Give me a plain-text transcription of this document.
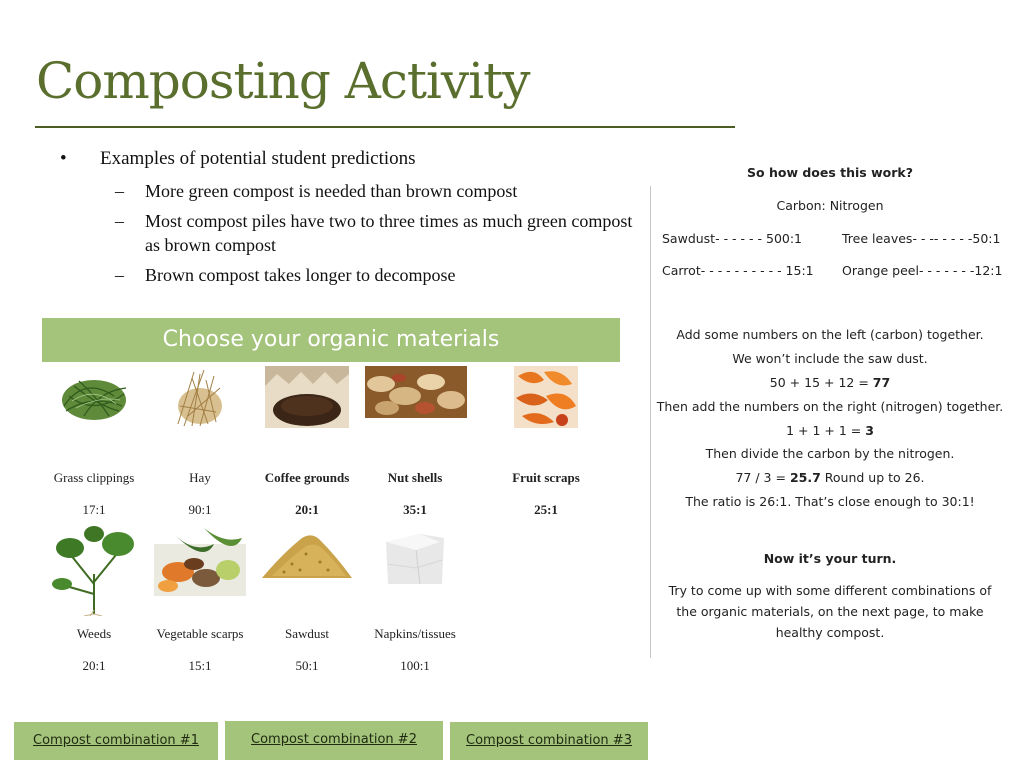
Composting Activity
• Examples of potential student predictions
– More green compost is needed than brown compost
– Most compost piles have two to three times as much green compost as brown compost
– Brown compost takes longer to decompose

So how does this work?

Carbon: Nitrogen

Sawdust- - - - - - 500:1	Tree leaves- - -- - - - -50:1

Carrot- - - - - - - - - - 15:1 Orange peel- - - - - - -12:1

Add some numbers on the left (carbon) together.

We won’t include the saw dust.

50 + 15 + 12 = 77

Then add the numbers on the right (nitrogen) together.

1 + 1 + 1 = 3

Then divide the carbon by the nitrogen.

77 / 3 = 25.7 Round up to 26.

The ratio is 26:1. That’s close enough to 30:1!

Now it’s your turn.

Try to come up with some different combinations of

the organic materials, on the next page, to make

healthy compost.

Choose your organic materials
Grass clippings
17:1
Hay
90:1
Coffee grounds
20:1
Nut shells
35:1
Fruit scraps
25:1
Weeds
20:1
Vegetable scarps
15:1
Sawdust
50:1
Napkins/tissues
100:1
Compost combination #1	Compost combination #2	Compost combination #3
